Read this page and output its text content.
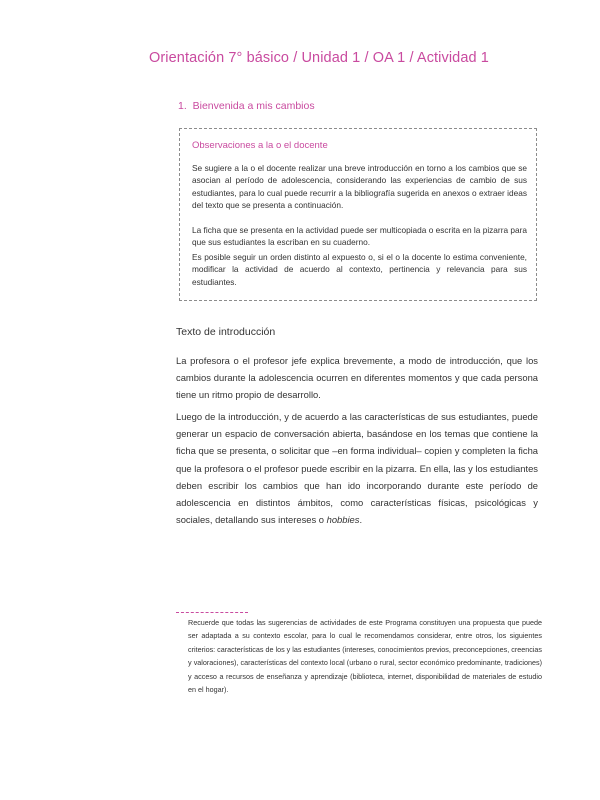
Orientación 7° básico / Unidad 1 / OA 1 / Actividad 1
1. Bienvenida a mis cambios
Observaciones a la o el docente

Se sugiere a la o el docente realizar una breve introducción en torno a los cambios que se asocian al período de adolescencia, considerando las experiencias de cambio de sus estudiantes, para lo cual puede recurrir a la bibliografía sugerida en anexos o extraer ideas del texto que se presenta a continuación.

La ficha que se presenta en la actividad puede ser multicopiada o escrita en la pizarra para que sus estudiantes la escriban en su cuaderno.

Es posible seguir un orden distinto al expuesto o, si el o la docente lo estima conveniente, modificar la actividad de acuerdo al contexto, pertinencia y relevancia para sus estudiantes.

Texto de introducción

La profesora o el profesor jefe explica brevemente, a modo de introducción, que los cambios durante la adolescencia ocurren en diferentes momentos y que cada persona tiene un ritmo propio de desarrollo.

Luego de la introducción, y de acuerdo a las características de sus estudiantes, puede generar un espacio de conversación abierta, basándose en los temas que contiene la ficha que se presenta, o solicitar que –en forma individual– copien y completen la ficha que la profesora o el profesor puede escribir en la pizarra. En ella, las y los estudiantes deben escribir los cambios que han ido incorporando durante este período de adolescencia en distintos ámbitos, como características físicas, psicológicas y sociales, detallando sus intereses o hobbies.

Recuerde que todas las sugerencias de actividades de este Programa constituyen una propuesta que puede ser adaptada a su contexto escolar, para lo cual le recomendamos considerar, entre otros, los siguientes criterios: características de los y las estudiantes (intereses, conocimientos previos, preconcepciones, creencias y valoraciones), características del contexto local (urbano o rural, sector económico predominante, tradiciones) y acceso a recursos de enseñanza y aprendizaje (biblioteca, internet, disponibilidad de materiales de estudio en el hogar).
